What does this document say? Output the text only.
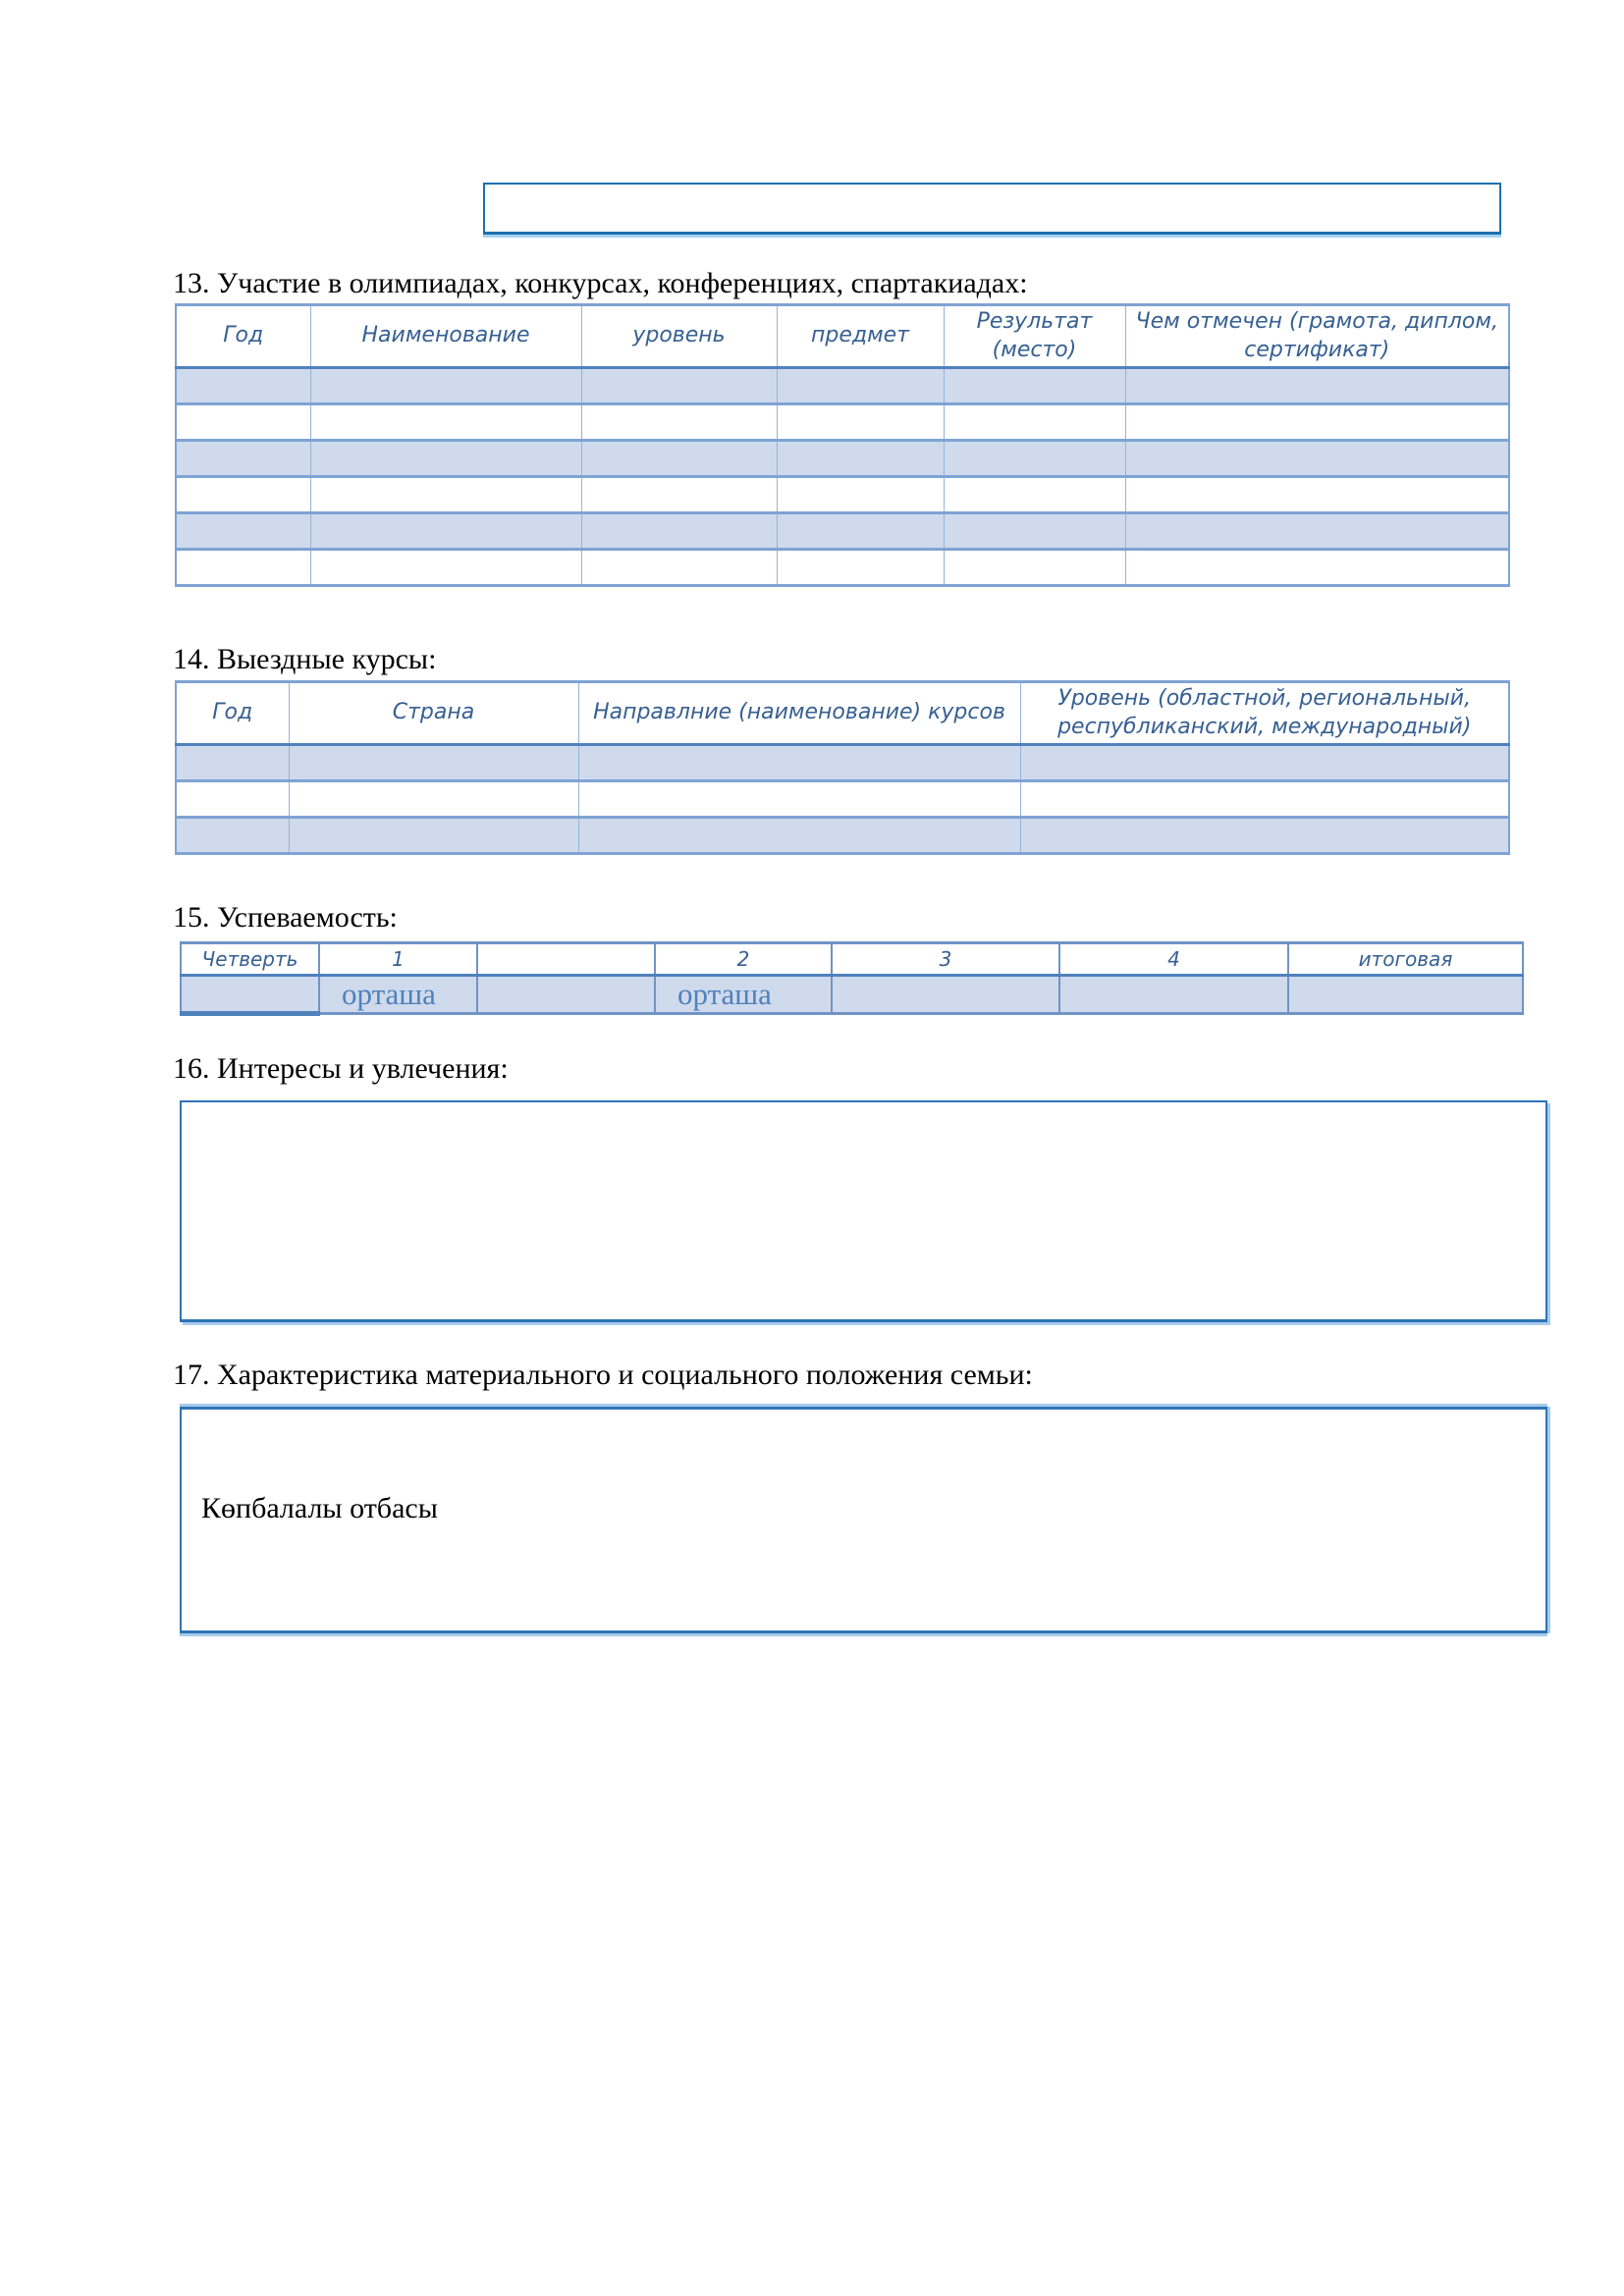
13. Участие в олимпиадах, конкурсах, конференциях, спартакиадах:
Год	Наименование	уровень	предмет	Результат (место)	Чем отмечен (грамота, диплом, сертификат)

14. Выездные курсы:
Год	Страна	Направлние (наименование) курсов	Уровень (областной, региональный, республиканский, международный)

15. Успеваемость:
Четверть	1		2	3	4	итоговая
	орташа		орташа			
16. Интересы и увлечения:
17. Характеристика материального и социального положения семьи:
Көпбалалы отбасы
